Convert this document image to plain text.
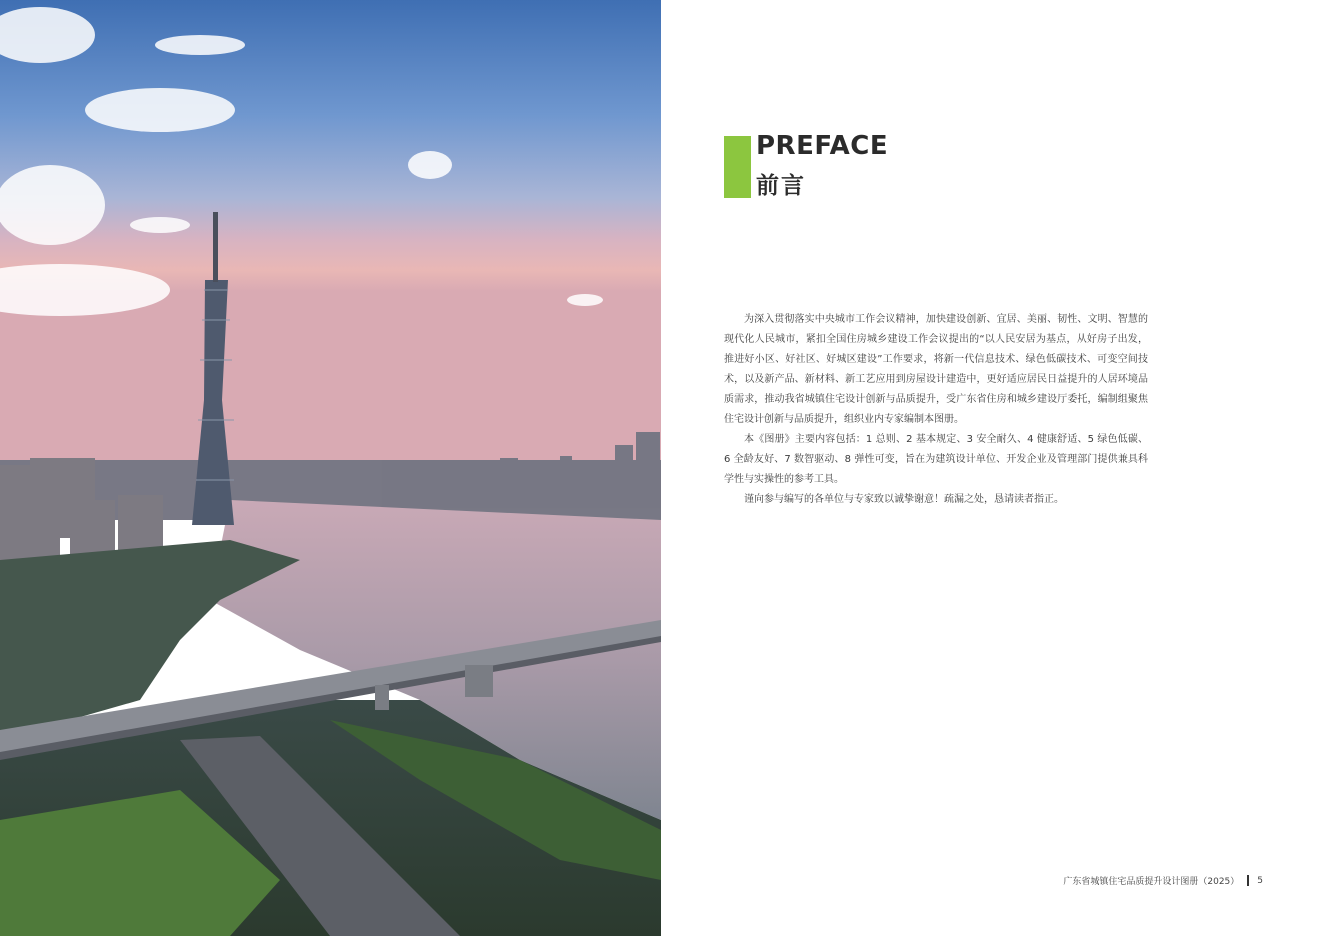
PREFACE
前言

为深入贯彻落实中央城市工作会议精神，加快建设创新、宜居、美丽、韧性、文明、智慧的现代化人民城市，紧扣全国住房城乡建设工作会议提出的“以人民安居为基点，从好房子出发，推进好小区、好社区、好城区建设”工作要求，将新一代信息技术、绿色低碳技术、可变空间技术，以及新产品、新材料、新工艺应用到房屋设计建造中，更好适应居民日益提升的人居环境品质需求，推动我省城镇住宅设计创新与品质提升，受广东省住房和城乡建设厅委托，编制组聚焦住宅设计创新与品质提升，组织业内专家编制本图册。

本《图册》主要内容包括：1 总则、2 基本规定、3 安全耐久、4 健康舒适、5 绿色低碳、6 全龄友好、7 数智驱动、8 弹性可变，旨在为建筑设计单位、开发企业及管理部门提供兼具科学性与实操性的参考工具。

谨向参与编写的各单位与专家致以诚挚谢意！疏漏之处，恳请读者指正。

广东省城镇住宅品质提升设计图册（2025） 5
